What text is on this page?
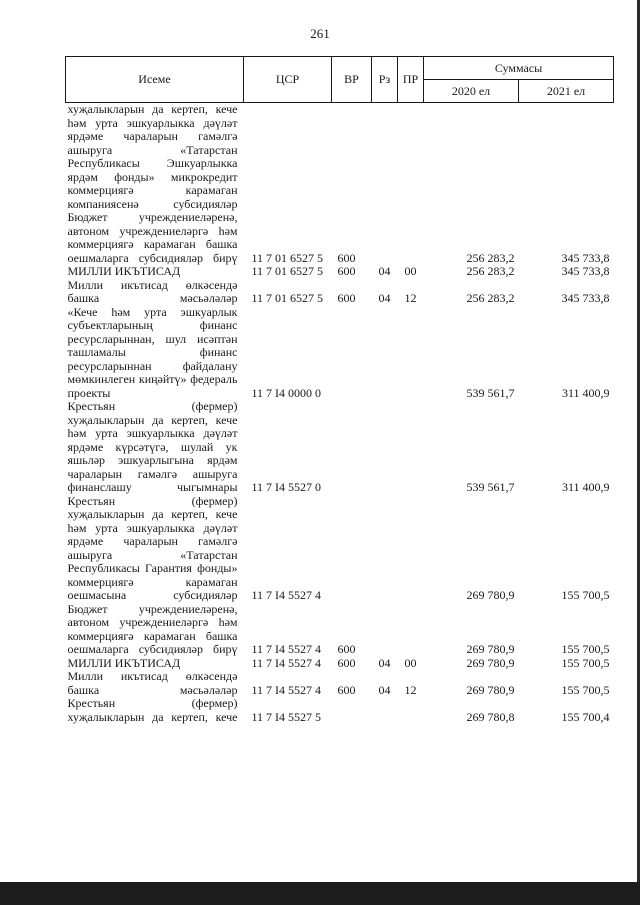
261
Исеме	ЦСР	ВР	Рз	ПР	Суммасы	
					2020 ел	2021 ел
хуҗалыкларын да кертеп, кече һәм урта эшкуарлыкка дәүләт ярдәме чараларын гамәлгә ашыруга «Татарстан Республикасы Эшкуарлыкка ярдәм фонды» микрокредит коммерциягә карамаган компаниясенә субсидияләр						
Бюджет учреждениеләренә, автоном учреждениеләргә һәм коммерциягә карамаган башка оешмаларга субсидияләр бирү	11 7 01 6527 5	600			256 283,2	345 733,8
МИЛЛИ ИКЪТИСАД	11 7 01 6527 5	600	04	00	256 283,2	345 733,8
Милли икътисад өлкәсендә башка мәсьәләләр	11 7 01 6527 5	600	04	12	256 283,2	345 733,8
«Кече һәм урта эшкуарлык субъектларының финанс ресурсларыннан, шул исәптән ташламалы финанс ресурсларыннан файдалану мөмкинлеген киңәйтү» федераль проекты	11 7 I4 0000 0				539 561,7	311 400,9
Крестьян (фермер) хуҗалыкларын да кертеп, кече һәм урта эшкуарлыкка дәүләт ярдәме күрсәтүгә, шулай ук яшьләр эшкуарлыгына ярдәм чараларын гамәлгә ашыруга финанслашу чыгымнары	11 7 I4 5527 0				539 561,7	311 400,9
Крестьян (фермер) хуҗалыкларын да кертеп, кече һәм урта эшкуарлыкка дәүләт ярдәме чараларын гамәлгә ашыруга «Татарстан Республикасы Гарантия фонды» коммерциягә карамаган оешмасына субсидияләр	11 7 I4 5527 4				269 780,9	155 700,5
Бюджет учреждениеләренә, автоном учреждениеләргә һәм коммерциягә карамаган башка оешмаларга субсидияләр бирү	11 7 I4 5527 4	600			269 780,9	155 700,5
МИЛЛИ ИКЪТИСАД	11 7 I4 5527 4	600	04	00	269 780,9	155 700,5
Милли икътисад өлкәсендә башка мәсьәләләр	11 7 I4 5527 4	600	04	12	269 780,9	155 700,5
Крестьян (фермер) хуҗалыкларын да кертеп, кече	11 7 I4 5527 5				269 780,8	155 700,4
